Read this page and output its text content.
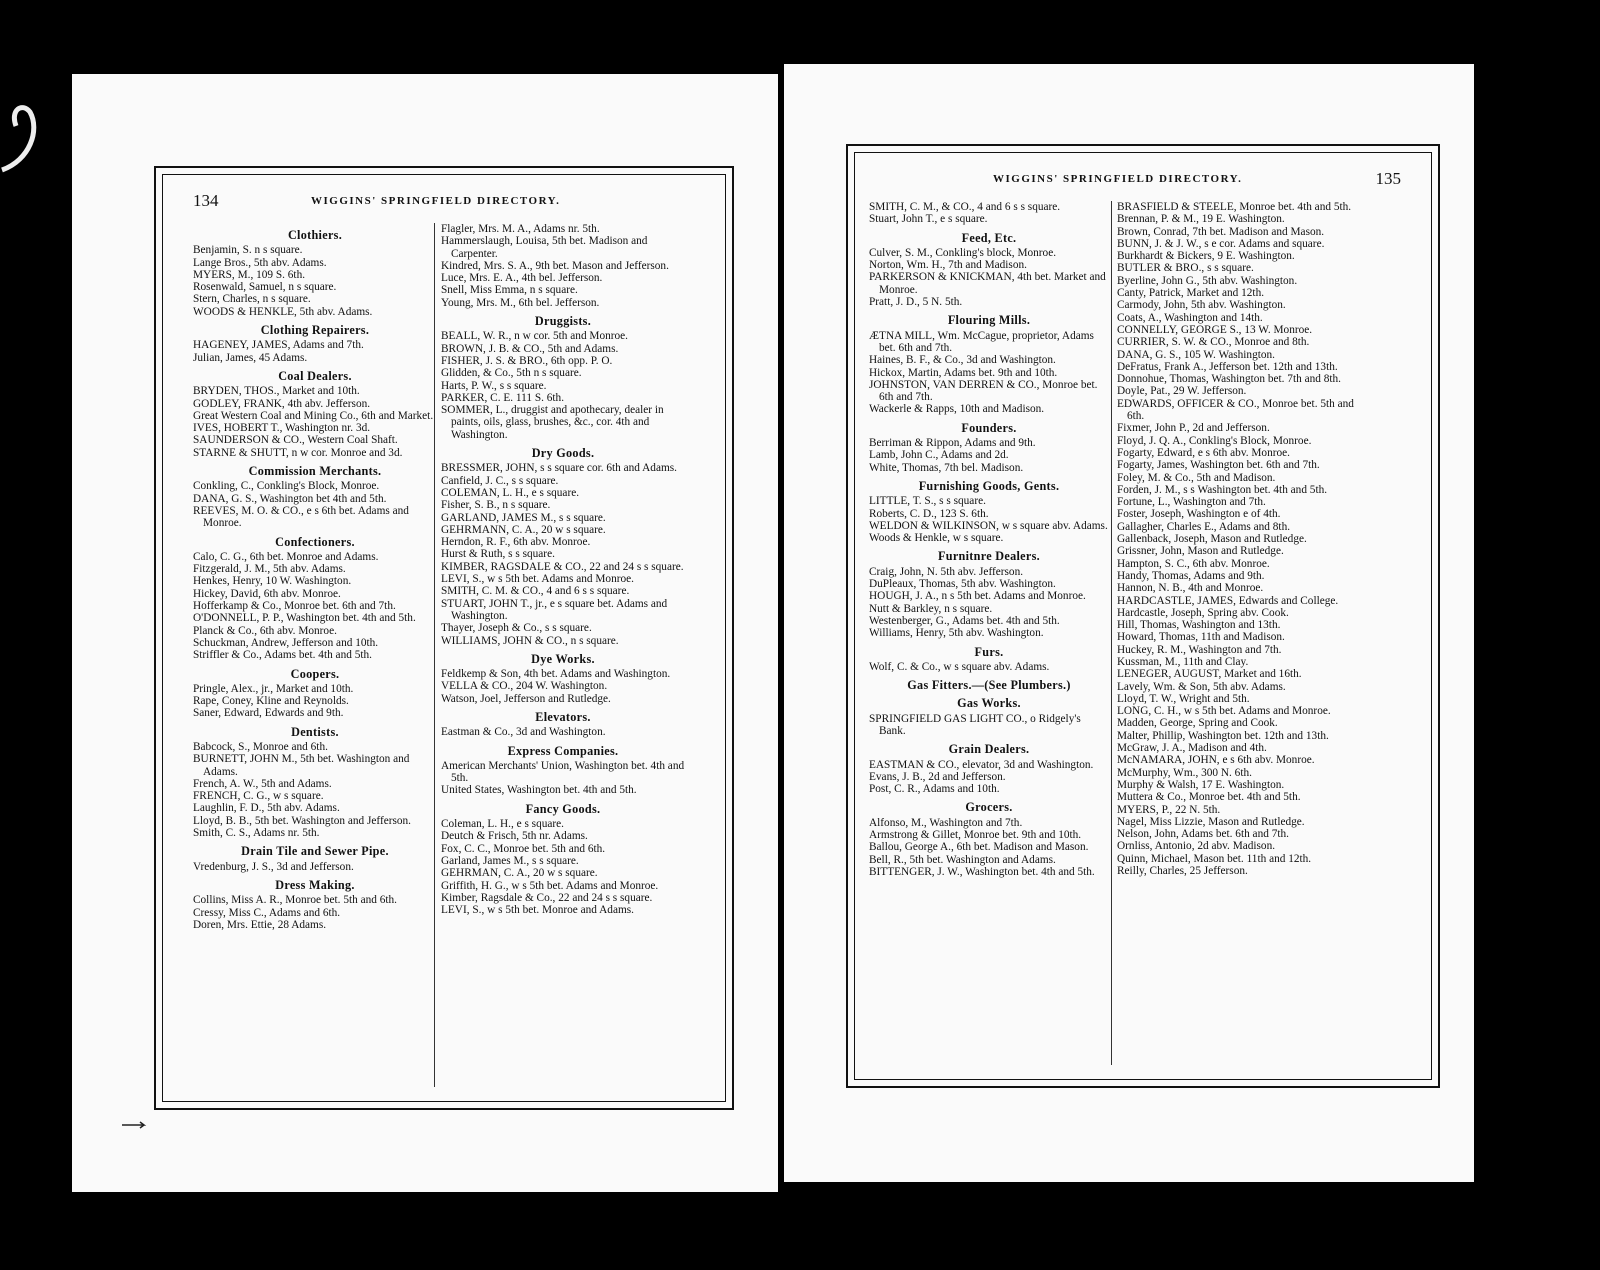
134	WIGGINS' SPRINGFIELD DIRECTORY.
Clothiers.
Benjamin, S. n s square.
Lange Bros., 5th abv. Adams.
MYERS, M., 109 S. 6th.
Rosenwald, Samuel, n s square.
Stern, Charles, n s square.
WOODS & HENKLE, 5th abv. Adams.
Clothing Repairers.
HAGENEY, JAMES, Adams and 7th.
Julian, James, 45 Adams.
Coal Dealers.
BRYDEN, THOS., Market and 10th.
GODLEY, FRANK, 4th abv. Jefferson.
Great Western Coal and Mining Co., 6th and Market.
IVES, HOBERT T., Washington nr. 3d.
SAUNDERSON & CO., Western Coal Shaft.
STARNE & SHUTT, n w cor. Monroe and 3d.
Commission Merchants.
Conkling, C., Conkling's Block, Monroe.
DANA, G. S., Washington bet 4th and 5th.
REEVES, M. O. & CO., e s 6th bet. Adams and Monroe.
Confectioners.
Calo, C. G., 6th bet. Monroe and Adams.
Fitzgerald, J. M., 5th abv. Adams.
Henkes, Henry, 10 W. Washington.
Hickey, David, 6th abv. Monroe.
Hofferkamp & Co., Monroe bet. 6th and 7th.
O'DONNELL, P. P., Washington bet. 4th and 5th.
Planck & Co., 6th abv. Monroe.
Schuckman, Andrew, Jefferson and 10th.
Striffler & Co., Adams bet. 4th and 5th.
Coopers.
Pringle, Alex., jr., Market and 10th.
Rape, Coney, Kline and Reynolds.
Saner, Edward, Edwards and 9th.
Dentists.
Babcock, S., Monroe and 6th.
BURNETT, JOHN M., 5th bet. Washington and Adams.
French, A. W., 5th and Adams.
FRENCH, C. G., w s square.
Laughlin, F. D., 5th abv. Adams.
Lloyd, B. B., 5th bet. Washington and Jefferson.
Smith, C. S., Adams nr. 5th.
Drain Tile and Sewer Pipe.
Vredenburg, J. S., 3d and Jefferson.
Dress Making.
Collins, Miss A. R., Monroe bet. 5th and 6th.
Cressy, Miss C., Adams and 6th.
Doren, Mrs. Ettie, 28 Adams.
Flagler, Mrs. M. A., Adams nr. 5th.
Hammerslaugh, Louisa, 5th bet. Madison and Carpenter.
Kindred, Mrs. S. A., 9th bet. Mason and Jefferson.
Luce, Mrs. E. A., 4th bel. Jefferson.
Snell, Miss Emma, n s square.
Young, Mrs. M., 6th bel. Jefferson.
Druggists.
BEALL, W. R., n w cor. 5th and Monroe.
BROWN, J. B. & CO., 5th and Adams.
FISHER, J. S. & BRO., 6th opp. P. O.
Glidden, & Co., 5th n s square.
Harts, P. W., s s square.
PARKER, C. E. 111 S. 6th.
SOMMER, L., druggist and apothecary, dealer in paints, oils, glass, brushes, &c., cor. 4th and Washington.
Dry Goods.
BRESSMER, JOHN, s s square cor. 6th and Adams.
Canfield, J. C., s s square.
COLEMAN, L. H., e s square.
Fisher, S. B., n s square.
GARLAND, JAMES M., s s square.
GEHRMANN, C. A., 20 w s square.
Herndon, R. F., 6th abv. Monroe.
Hurst & Ruth, s s square.
KIMBER, RAGSDALE & CO., 22 and 24 s s square.
LEVI, S., w s 5th bet. Adams and Monroe.
SMITH, C. M. & CO., 4 and 6 s s square.
STUART, JOHN T., jr., e s square bet. Adams and Washington.
Thayer, Joseph & Co., s s square.
WILLIAMS, JOHN & CO., n s square.
Dye Works.
Feldkemp & Son, 4th bet. Adams and Washington.
VELLA & CO., 204 W. Washington.
Watson, Joel, Jefferson and Rutledge.
Elevators.
Eastman & Co., 3d and Washington.
Express Companies.
American Merchants' Union, Washington bet. 4th and 5th.
United States, Washington bet. 4th and 5th.
Fancy Goods.
Coleman, L. H., e s square.
Deutch & Frisch, 5th nr. Adams.
Fox, C. C., Monroe bet. 5th and 6th.
Garland, James M., s s square.
GEHRMAN, C. A., 20 w s square.
Griffith, H. G., w s 5th bet. Adams and Monroe.
Kimber, Ragsdale & Co., 22 and 24 s s square.
LEVI, S., w s 5th bet. Monroe and Adams.
WIGGINS' SPRINGFIELD DIRECTORY.	135
SMITH, C. M., & CO., 4 and 6 s s square.
Stuart, John T., e s square.
Feed, Etc.
Culver, S. M., Conkling's block, Monroe.
Norton, Wm. H., 7th and Madison.
PARKERSON & KNICKMAN, 4th bet. Market and Monroe.
Pratt, J. D., 5 N. 5th.
Flouring Mills.
ÆTNA MILL, Wm. McCague, proprietor, Adams bet. 6th and 7th.
Haines, B. F., & Co., 3d and Washington.
Hickox, Martin, Adams bet. 9th and 10th.
JOHNSTON, VAN DERREN & CO., Monroe bet. 6th and 7th.
Wackerle & Rapps, 10th and Madison.
Founders.
Berriman & Rippon, Adams and 9th.
Lamb, John C., Adams and 2d.
White, Thomas, 7th bel. Madison.
Furnishing Goods, Gents.
LITTLE, T. S., s s square.
Roberts, C. D., 123 S. 6th.
WELDON & WILKINSON, w s square abv. Adams.
Woods & Henkle, w s square.
Furnitnre Dealers.
Craig, John, N. 5th abv. Jefferson.
DuPleaux, Thomas, 5th abv. Washington.
HOUGH, J. A., n s 5th bet. Adams and Monroe.
Nutt & Barkley, n s square.
Westenberger, G., Adams bet. 4th and 5th.
Williams, Henry, 5th abv. Washington.
Furs.
Wolf, C. & Co., w s square abv. Adams.
Gas Fitters.—(See Plumbers.)
Gas Works.
SPRINGFIELD GAS LIGHT CO., o Ridgely's Bank.
Grain Dealers.
EASTMAN & CO., elevator, 3d and Washington.
Evans, J. B., 2d and Jefferson.
Post, C. R., Adams and 10th.
Grocers.
Alfonso, M., Washington and 7th.
Armstrong & Gillet, Monroe bet. 9th and 10th.
Ballou, George A., 6th bet. Madison and Mason.
Bell, R., 5th bet. Washington and Adams.
BITTENGER, J. W., Washington bet. 4th and 5th.
BRASFIELD & STEELE, Monroe bet. 4th and 5th.
Brennan, P. & M., 19 E. Washington.
Brown, Conrad, 7th bet. Madison and Mason.
BUNN, J. & J. W., s e cor. Adams and square.
Burkhardt & Bickers, 9 E. Washington.
BUTLER & BRO., s s square.
Byerline, John G., 5th abv. Washington.
Canty, Patrick, Market and 12th.
Carmody, John, 5th abv. Washington.
Coats, A., Washington and 14th.
CONNELLY, GEORGE S., 13 W. Monroe.
CURRIER, S. W. & CO., Monroe and 8th.
DANA, G. S., 105 W. Washington.
DeFratus, Frank A., Jefferson bet. 12th and 13th.
Donnohue, Thomas, Washington bet. 7th and 8th.
Doyle, Pat., 29 W. Jefferson.
EDWARDS, OFFICER & CO., Monroe bet. 5th and 6th.
Fixmer, John P., 2d and Jefferson.
Floyd, J. Q. A., Conkling's Block, Monroe.
Fogarty, Edward, e s 6th abv. Monroe.
Fogarty, James, Washington bet. 6th and 7th.
Foley, M. & Co., 5th and Madison.
Forden, J. M., s s Washington bet. 4th and 5th.
Fortune, L., Washington and 7th.
Foster, Joseph, Washington e of 4th.
Gallagher, Charles E., Adams and 8th.
Gallenback, Joseph, Mason and Rutledge.
Grissner, John, Mason and Rutledge.
Hampton, S. C., 6th abv. Monroe.
Handy, Thomas, Adams and 9th.
Hannon, N. B., 4th and Monroe.
HARDCASTLE, JAMES, Edwards and College.
Hardcastle, Joseph, Spring abv. Cook.
Hill, Thomas, Washington and 13th.
Howard, Thomas, 11th and Madison.
Huckey, R. M., Washington and 7th.
Kussman, M., 11th and Clay.
LENEGER, AUGUST, Market and 16th.
Lavely, Wm. & Son, 5th abv. Adams.
Lloyd, T. W., Wright and 5th.
LONG, C. H., w s 5th bet. Adams and Monroe.
Madden, George, Spring and Cook.
Malter, Phillip, Washington bet. 12th and 13th.
McGraw, J. A., Madison and 4th.
McNAMARA, JOHN, e s 6th abv. Monroe.
McMurphy, Wm., 300 N. 6th.
Murphy & Walsh, 17 E. Washington.
Muttera & Co., Monroe bet. 4th and 5th.
MYERS, P., 22 N. 5th.
Nagel, Miss Lizzie, Mason and Rutledge.
Nelson, John, Adams bet. 6th and 7th.
Ornliss, Antonio, 2d abv. Madison.
Quinn, Michael, Mason bet. 11th and 12th.
Reilly, Charles, 25 Jefferson.
